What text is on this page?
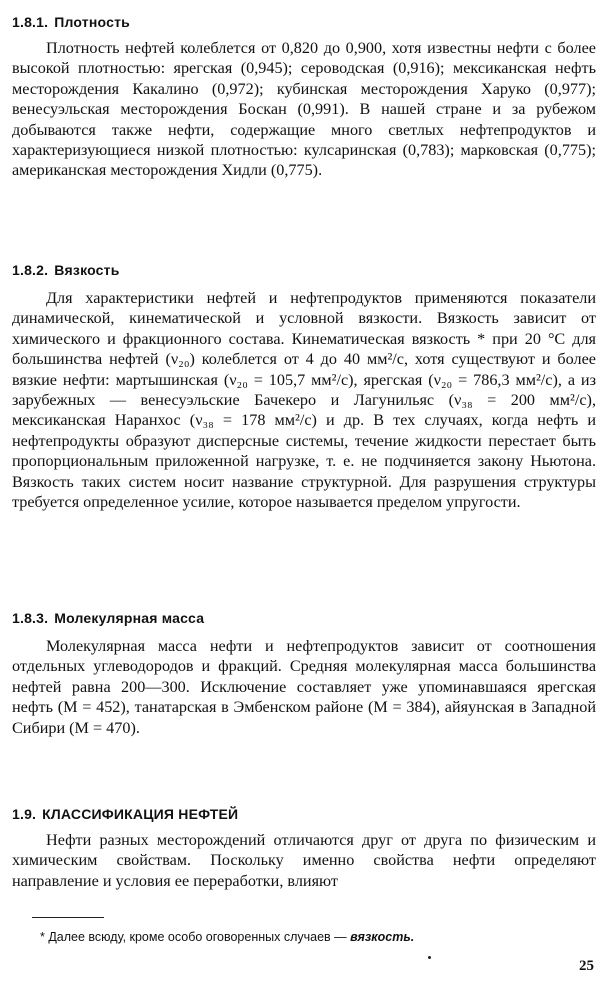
1.8.1. Плотность

Плотность нефтей колеблется от 0,820 до 0,900, хотя известны нефти с более высокой плотностью: ярегская (0,945); сероводская (0,916); мексиканская нефть месторождения Какалино (0,972); кубинская месторождения Харуко (0,977); венесуэльская месторождения Боскан (0,991). В нашей стране и за рубежом добываются также нефти, содержащие много светлых нефтепродуктов и характеризующиеся низкой плотностью: кулсаринская (0,783); марковская (0,775); американская месторождения Хидли (0,775).

1.8.2. Вязкость

Для характеристики нефтей и нефтепродуктов применяются показатели динамической, кинематической и условной вязкости. Вязкость зависит от химического и фракционного состава. Кинематическая вязкость * при 20 °С для большинства нефтей (ν₂₀) колеблется от 4 до 40 мм²/с, хотя существуют и более вязкие нефти: мартышинская (ν₂₀ = 105,7 мм²/с), ярегская (ν₂₀ = 786,3 мм²/с), а из зарубежных — венесуэльские Бачекеро и Лагунильяс (ν₃₈ = 200 мм²/с), мексиканская Наранхос (ν₃₈ = 178 мм²/с) и др. В тех случаях, когда нефть и нефтепродукты образуют дисперсные системы, течение жидкости перестает быть пропорциональным приложенной нагрузке, т. е. не подчиняется закону Ньютона. Вязкость таких систем носит название структурной. Для разрушения структуры требуется определенное усилие, которое называется пределом упругости.

1.8.3. Молекулярная масса

Молекулярная масса нефти и нефтепродуктов зависит от соотношения отдельных углеводородов и фракций. Средняя молекулярная масса большинства нефтей равна 200—300. Исключение составляет уже упоминавшаяся ярегская нефть (М = 452), танатарская в Эмбенском районе (М = 384), айяунская в Западной Сибири (М = 470).

1.9. КЛАССИФИКАЦИЯ НЕФТЕЙ

Нефти разных месторождений отличаются друг от друга по физическим и химическим свойствам. Поскольку именно свойства нефти определяют направление и условия ее переработки, влияют

* Далее всюду, кроме особо оговоренных случаев — вязкость.
25
